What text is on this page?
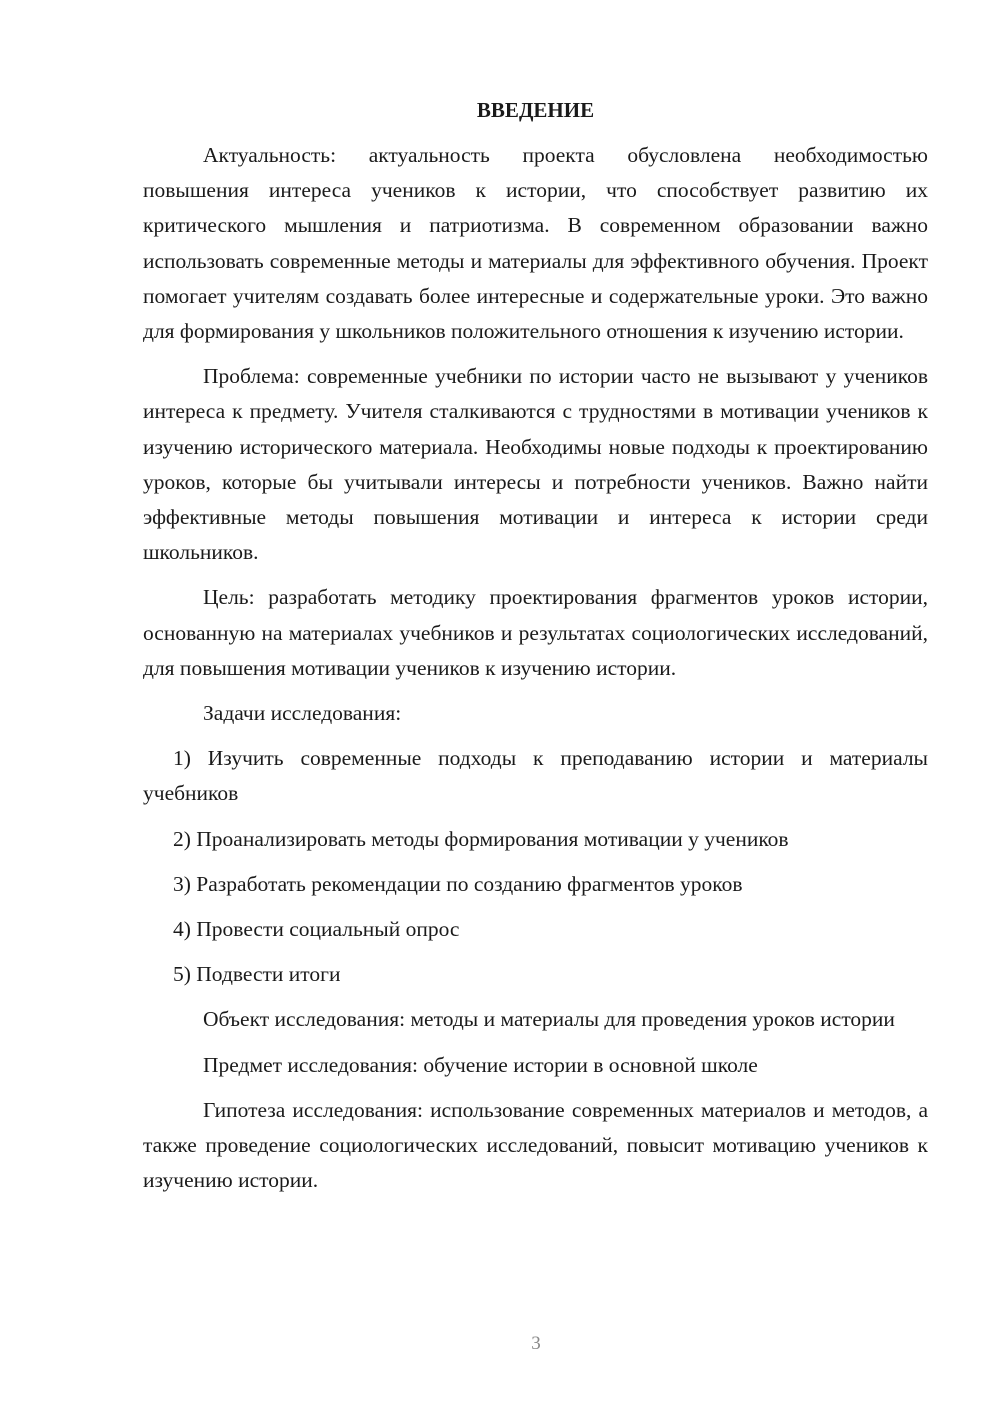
ВВЕДЕНИЕ

Актуальность: актуальность проекта обусловлена необходимостью повышения интереса учеников к истории, что способствует развитию их критического мышления и патриотизма. В современном образовании важно использовать современные методы и материалы для эффективного обучения. Проект помогает учителям создавать более интересные и содержательные уроки. Это важно для формирования у школьников положительного отношения к изучению истории.

Проблема: современные учебники по истории часто не вызывают у учеников интереса к предмету. Учителя сталкиваются с трудностями в мотивации учеников к изучению исторического материала. Необходимы новые подходы к проектированию уроков, которые бы учитывали интересы и потребности учеников. Важно найти эффективные методы повышения мотивации и интереса к истории среди школьников.

Цель: разработать методику проектирования фрагментов уроков истории, основанную на материалах учебников и результатах социологических исследований, для повышения мотивации учеников к изучению истории.

Задачи исследования:

1) Изучить современные подходы к преподаванию истории и материалы учебников

2) Проанализировать методы формирования мотивации у учеников

3) Разработать рекомендации по созданию фрагментов уроков

4) Провести социальный опрос

5) Подвести итоги

Объект исследования: методы и материалы для проведения уроков истории

Предмет исследования: обучение истории в основной школе

Гипотеза исследования: использование современных материалов и методов, а также проведение социологических исследований, повысит мотивацию учеников к изучению истории.

3
